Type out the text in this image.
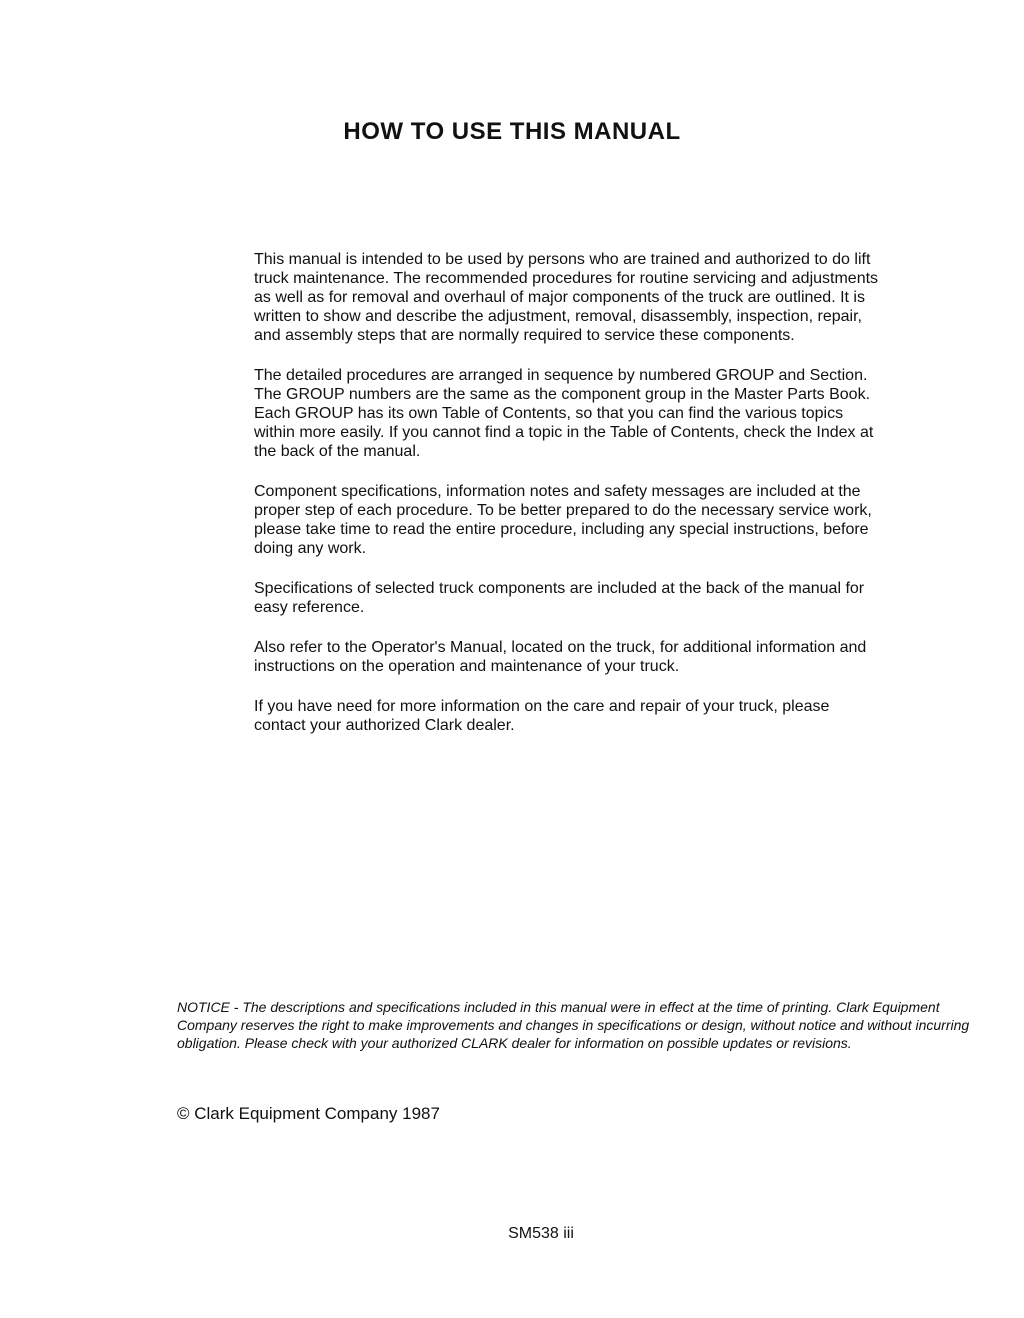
HOW TO USE THIS MANUAL

This manual is intended to be used by persons who are trained and authorized to do lift truck maintenance. The recommended procedures for routine servicing and adjustments as well as for removal and overhaul of major components of the truck are outlined. It is written to show and describe the adjustment, removal, disassembly, inspection, repair, and assembly steps that are normally required to service these components.

The detailed procedures are arranged in sequence by numbered GROUP and Section. The GROUP numbers are the same as the component group in the Master Parts Book. Each GROUP has its own Table of Contents, so that you can find the various topics within more easily. If you cannot find a topic in the Table of Contents, check the Index at the back of the manual.

Component specifications, information notes and safety messages are included at the proper step of each procedure. To be better prepared to do the necessary service work, please take time to read the entire procedure, including any special instructions, before doing any work.

Specifications of selected truck components are included at the back of the manual for easy reference.

Also refer to the Operator's Manual, located on the truck, for additional information and instructions on the operation and maintenance of your truck.

If you have need for more information on the care and repair of your truck, please contact your authorized Clark dealer.

NOTICE - The descriptions and specifications included in this manual were in effect at the time of printing. Clark Equipment Company reserves the right to make improvements and changes in specifications or design, without notice and without incurring obligation. Please check with your authorized CLARK dealer for information on possible updates or revisions.

© Clark Equipment Company 1987

SM538 iii
